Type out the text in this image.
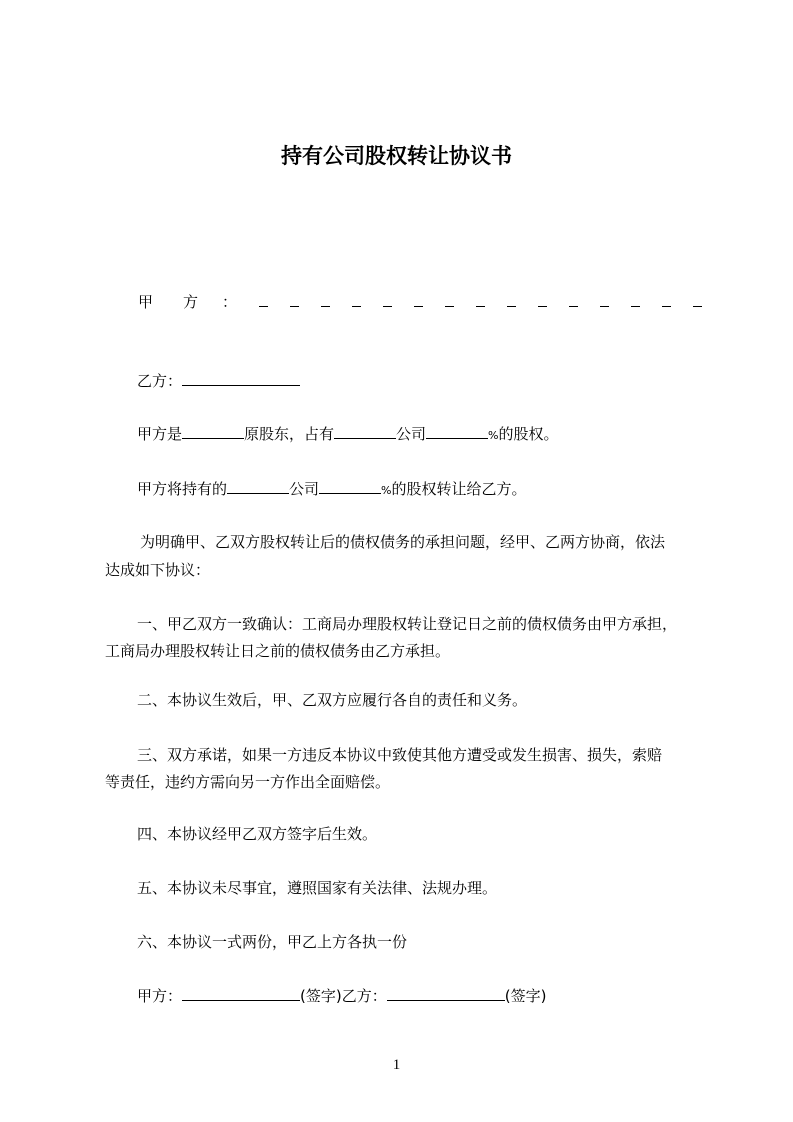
持有公司股权转让协议书
甲 方 ：
乙方：
甲方是	原股东，占有	公司	%的股权。
甲方将持有的	公司	%的股权转让给乙方。
为明确甲、乙双方股权转让后的债权债务的承担问题，经甲、乙两方协商，依法
达成如下协议：
一、甲乙双方一致确认：工商局办理股权转让登记日之前的债权债务由甲方承担，
工商局办理股权转让日之前的债权债务由乙方承担。
二、本协议生效后，甲、乙双方应履行各自的责任和义务。
三、双方承诺，如果一方违反本协议中致使其他方遭受或发生损害、损失，索赔
等责任，违约方需向另一方作出全面赔偿。
四、本协议经甲乙双方签字后生效。
五、本协议未尽事宜，遵照国家有关法律、法规办理。
六、本协议一式两份，甲乙上方各执一份
甲方：	(签字)乙方：	(签字)
1
